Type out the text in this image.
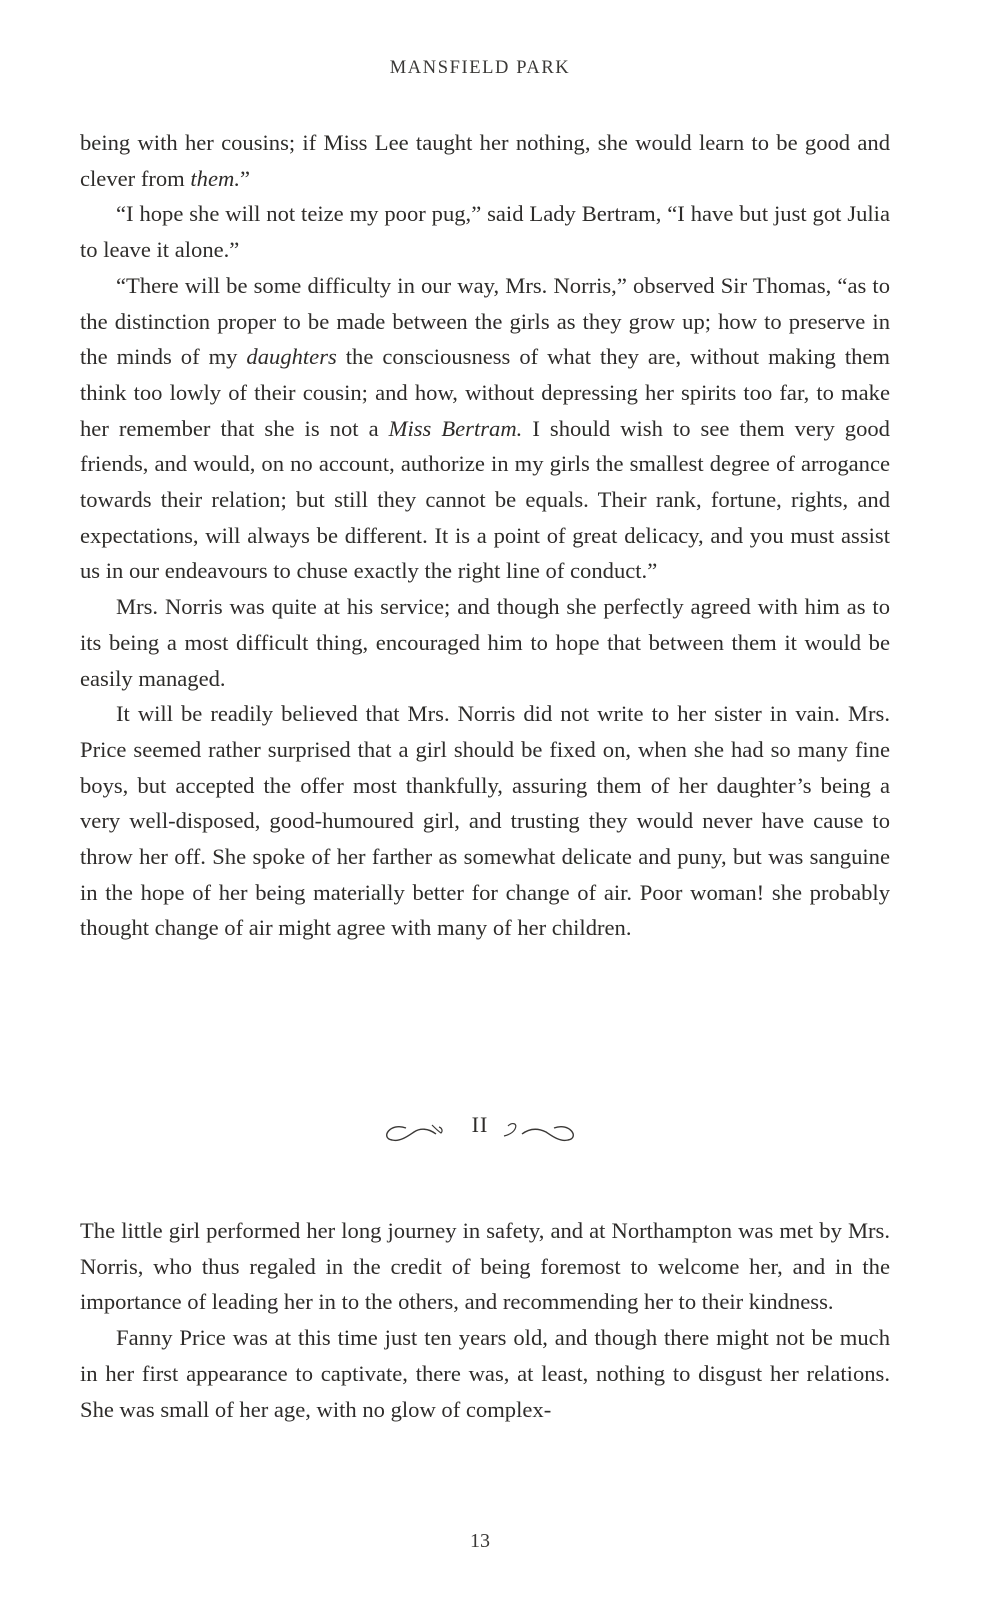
MANSFIELD PARK

being with her cousins; if Miss Lee taught her nothing, she would learn to be good and clever from them.”

“I hope she will not teize my poor pug,” said Lady Bertram, “I have but just got Julia to leave it alone.”

“There will be some difficulty in our way, Mrs. Norris,” observed Sir Thomas, “as to the distinction proper to be made between the girls as they grow up; how to preserve in the minds of my daughters the consciousness of what they are, without making them think too lowly of their cousin; and how, without depressing her spirits too far, to make her remember that she is not a Miss Bertram. I should wish to see them very good friends, and would, on no account, authorize in my girls the smallest degree of arrogance towards their relation; but still they cannot be equals. Their rank, fortune, rights, and expectations, will always be different. It is a point of great delicacy, and you must assist us in our endeavours to chuse exactly the right line of conduct.”

Mrs. Norris was quite at his service; and though she perfectly agreed with him as to its being a most difficult thing, encouraged him to hope that between them it would be easily managed.

It will be readily believed that Mrs. Norris did not write to her sister in vain. Mrs. Price seemed rather surprised that a girl should be fixed on, when she had so many fine boys, but accepted the offer most thankfully, assuring them of her daughter’s being a very well-disposed, good-humoured girl, and trusting they would never have cause to throw her off. She spoke of her farther as somewhat delicate and puny, but was sanguine in the hope of her being materially better for change of air. Poor woman! she probably thought change of air might agree with many of her children.

II

The little girl performed her long journey in safety, and at Northampton was met by Mrs. Norris, who thus regaled in the credit of being foremost to welcome her, and in the importance of leading her in to the others, and recommending her to their kindness.

Fanny Price was at this time just ten years old, and though there might not be much in her first appearance to captivate, there was, at least, nothing to disgust her relations. She was small of her age, with no glow of complex-

13
